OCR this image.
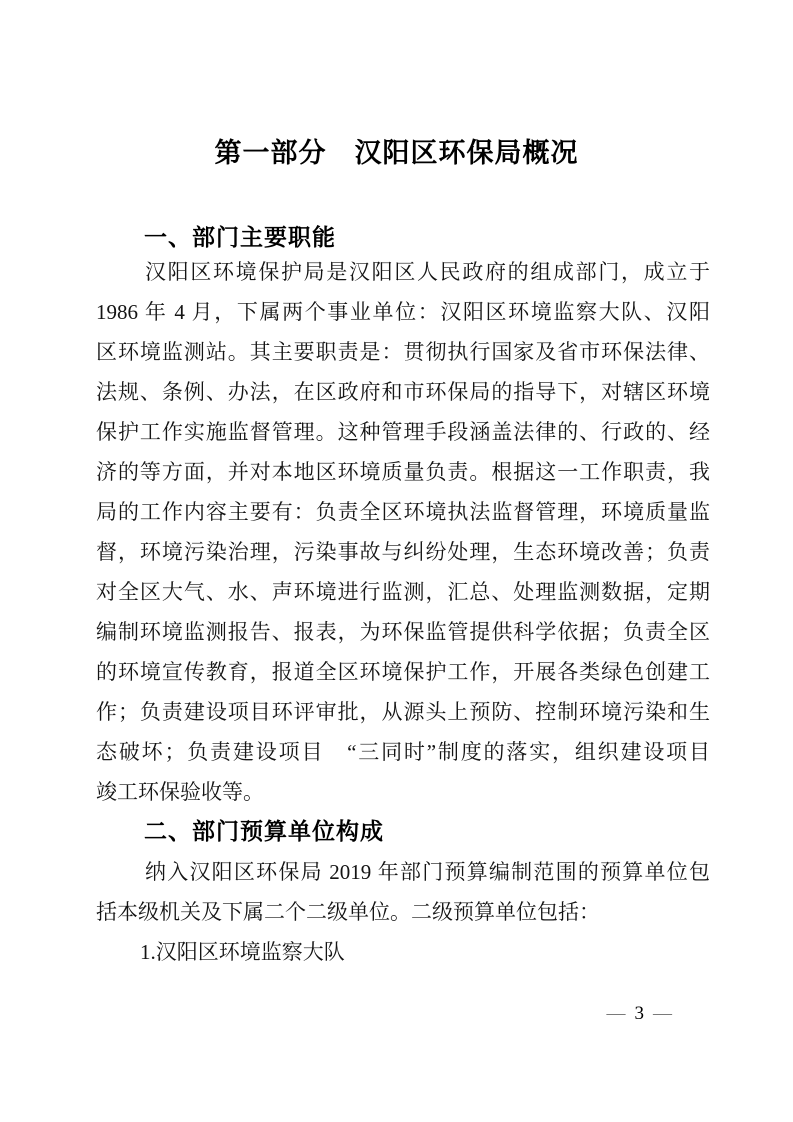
第一部分　汉阳区环保局概况
一、部门主要职能
汉阳区环境保护局是汉阳区人民政府的组成部门，成立于
1986 年 4 月，下属两个事业单位：汉阳区环境监察大队、汉阳
区环境监测站。其主要职责是：贯彻执行国家及省市环保法律、
法规、条例、办法，在区政府和市环保局的指导下，对辖区环境
保护工作实施监督管理。这种管理手段涵盖法律的、行政的、经
济的等方面，并对本地区环境质量负责。根据这一工作职责，我
局的工作内容主要有：负责全区环境执法监督管理，环境质量监
督，环境污染治理，污染事故与纠纷处理，生态环境改善；负责
对全区大气、水、声环境进行监测，汇总、处理监测数据，定期
编制环境监测报告、报表，为环保监管提供科学依据；负责全区
的环境宣传教育，报道全区环境保护工作，开展各类绿色创建工
作；负责建设项目环评审批，从源头上预防、控制环境污染和生
态破坏；负责建设项目　“三同时”制度的落实，组织建设项目
竣工环保验收等。
二、部门预算单位构成
纳入汉阳区环保局 2019 年部门预算编制范围的预算单位包
括本级机关及下属二个二级单位。二级预算单位包括：
1.汉阳区环境监察大队
— 3 —
